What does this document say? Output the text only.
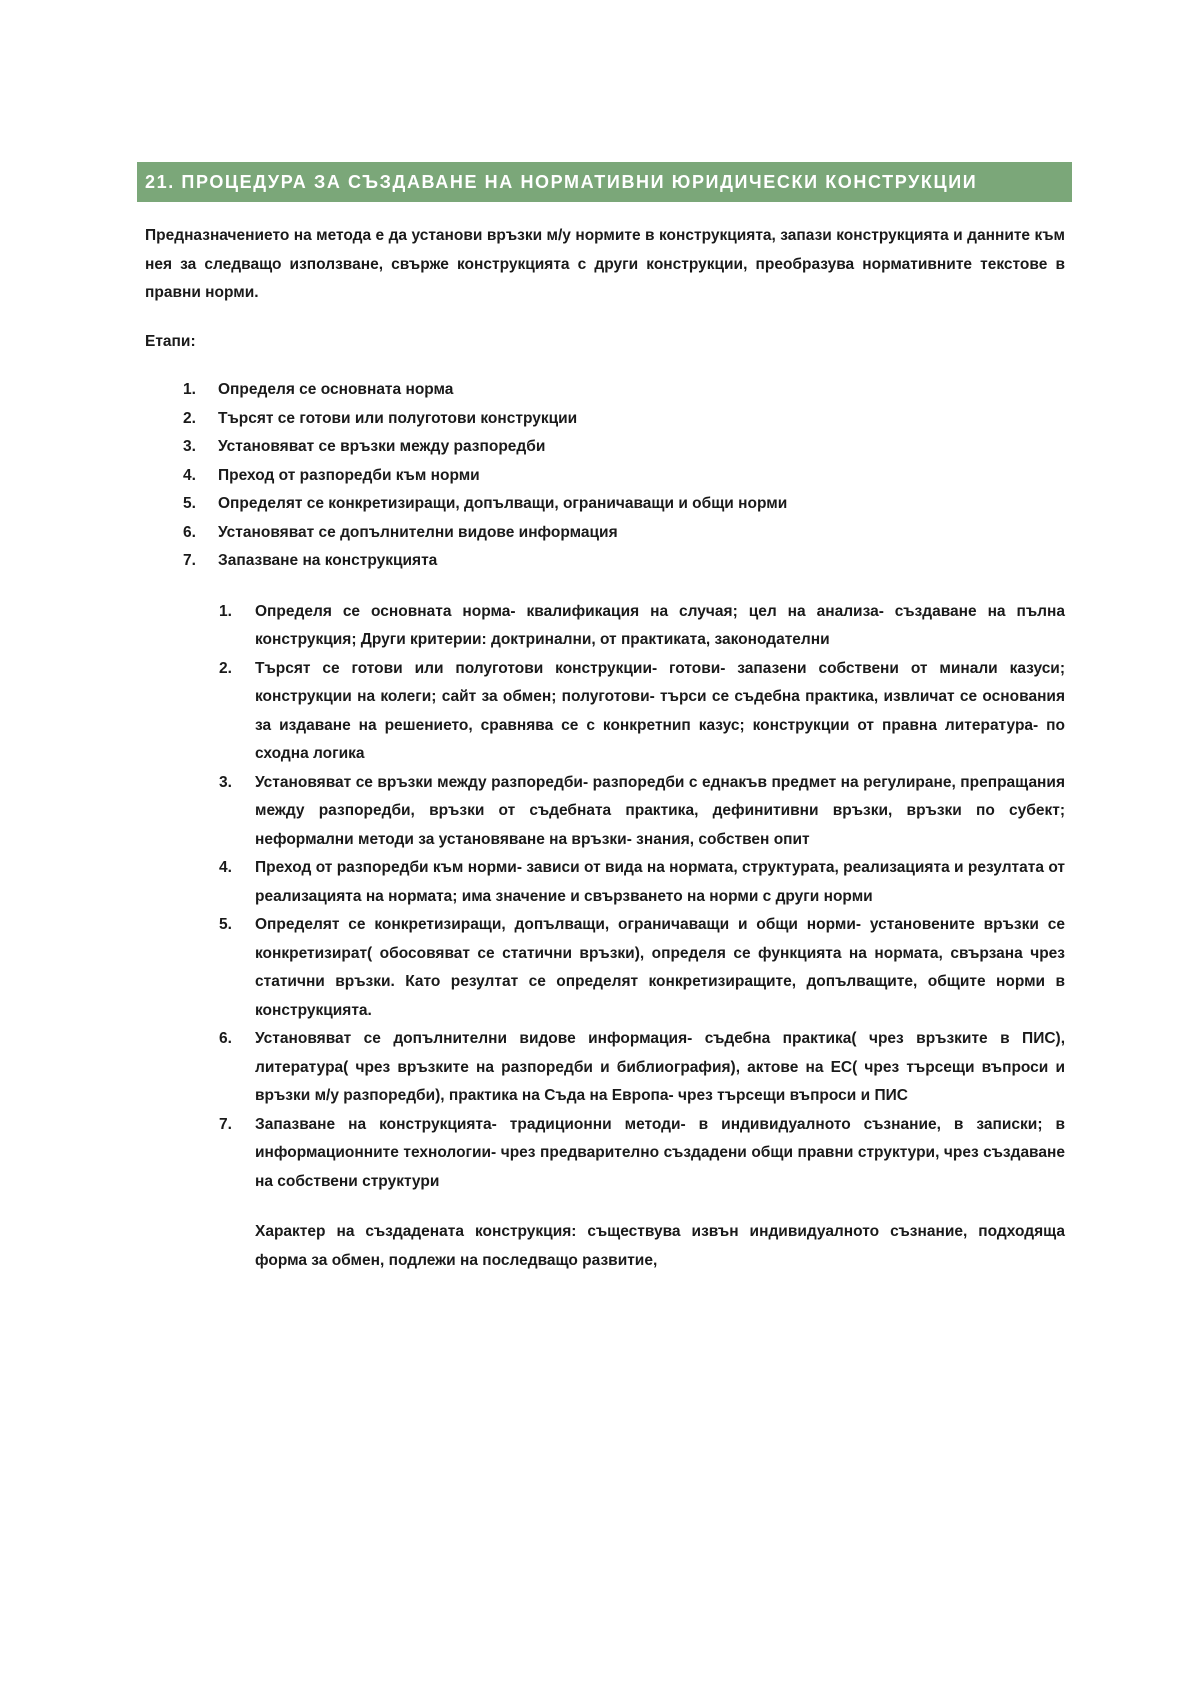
21. ПРОЦЕДУРА ЗА СЪЗДАВАНЕ НА НОРМАТИВНИ ЮРИДИЧЕСКИ КОНСТРУКЦИИ

Предназначението на метода е да установи връзки м/у нормите в конструкцията, запази конструкцията и данните към нея за следващо използване, свърже конструкцията с други конструкции, преобразува нормативните текстове в правни норми.

Етапи:

1.	Определя се основната норма
2.	Търсят се готови или полуготови конструкции
3.	Установяват се връзки между разпоредби
4.	Преход от разпоредби към норми
5.	Определят се конкретизиращи, допълващи, ограничаващи и общи норми
6.	Установяват се допълнителни видове информация
7.	Запазване на конструкцията
1.	Определя се основната норма- квалификация на случая; цел на анализа- създаване на пълна конструкция; Други критерии: доктринални, от практиката, законодателни
2.	Търсят се готови или полуготови конструкции- готови- запазени собствени от минали казуси; конструкции на колеги; сайт за обмен; полуготови- търси се съдебна практика, извличат се основания за издаване на решението, сравнява се с конкретнип казус; конструкции от правна литература- по сходна логика
3.	Установяват се връзки между разпоредби- разпоредби с еднакъв предмет на регулиране, препращания между разпоредби, връзки от съдебната практика, дефинитивни връзки, връзки по субект; неформални методи за установяване на връзки- знания, собствен опит
4.	Преход от разпоредби към норми- зависи от вида на нормата, структурата, реализацията и резултата от реализацията на нормата; има значение и свързването на норми с други норми
5.	Определят се конкретизиращи, допълващи, ограничаващи и общи норми- установените връзки се конкретизират( обосовяват се статични връзки), определя се функцията на нормата, свързана чрез статични връзки. Като резултат се определят конкретизиращите, допълващите, общите норми в конструкцията.
6.	Установяват се допълнителни видове информация- съдебна практика( чрез връзките в ПИС), литература( чрез връзките на разпоредби и библиография), актове на ЕС( чрез търсещи въпроси и връзки м/у разпоредби), практика на Съда на Европа- чрез търсещи въпроси и ПИС
7.	Запазване на конструкцията- традиционни методи- в индивидуалното съзнание, в записки; в информационните технологии- чрез предварително създадени общи правни структури, чрез създаване на собствени структури

Характер на създадената конструкция: съществува извън индивидуалното съзнание, подходяща форма за обмен, подлежи на последващо развитие,
